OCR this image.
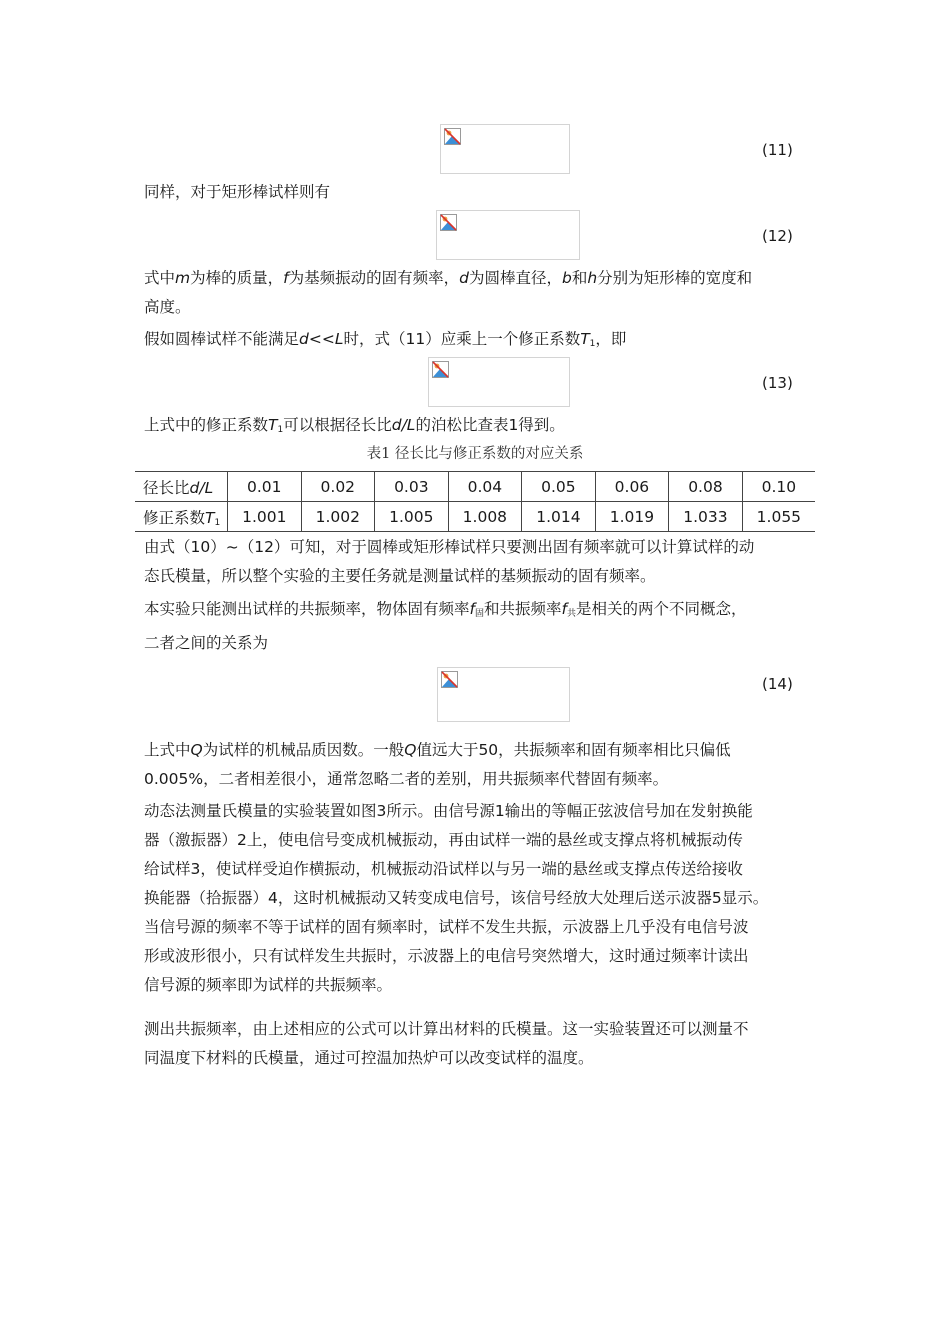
(11)

同样，对于矩形棒试样则有

(12)

式中m为棒的质量，f为基频振动的固有频率，d为圆棒直径，b和h分别为矩形棒的宽度和
高度。

假如圆棒试样不能满足d<<L时，式（11）应乘上一个修正系数$T_1$，即

(13)

上式中的修正系数$T_1$可以根据径长比d/L的泊松比查表1得到。

表1 径长比与修正系数的对应关系
径长比d/L	0.01	0.02	0.03	0.04	0.05	0.06	0.08	0.10
修正系数$T_1$	1.001	1.002	1.005	1.008	1.014	1.019	1.033	1.055

由式（10）~（12）可知，对于圆棒或矩形棒试样只要测出固有频率就可以计算试样的动
态氏模量，所以整个实验的主要任务就是测量试样的基频振动的固有频率。

本实验只能测出试样的共振频率，物体固有频率$f_固$和共振频率$f_共$是相关的两个不同概念，
二者之间的关系为

(14)

上式中Q为试样的机械品质因数。一般Q值远大于50，共振频率和固有频率相比只偏低
0.005%，二者相差很小，通常忽略二者的差别，用共振频率代替固有频率。

动态法测量氏模量的实验装置如图3所示。由信号源1输出的等幅正弦波信号加在发射换能
器（激振器）2上，使电信号变成机械振动，再由试样一端的悬丝或支撑点将机械振动传
给试样3，使试样受迫作横振动，机械振动沿试样以与另一端的悬丝或支撑点传送给接收
换能器（拾振器）4，这时机械振动又转变成电信号，该信号经放大处理后送示波器5显示。
当信号源的频率不等于试样的固有频率时，试样不发生共振，示波器上几乎没有电信号波
形或波形很小，只有试样发生共振时，示波器上的电信号突然增大，这时通过频率计读出
信号源的频率即为试样的共振频率。

测出共振频率，由上述相应的公式可以计算出材料的氏模量。这一实验装置还可以测量不
同温度下材料的氏模量，通过可控温加热炉可以改变试样的温度。
